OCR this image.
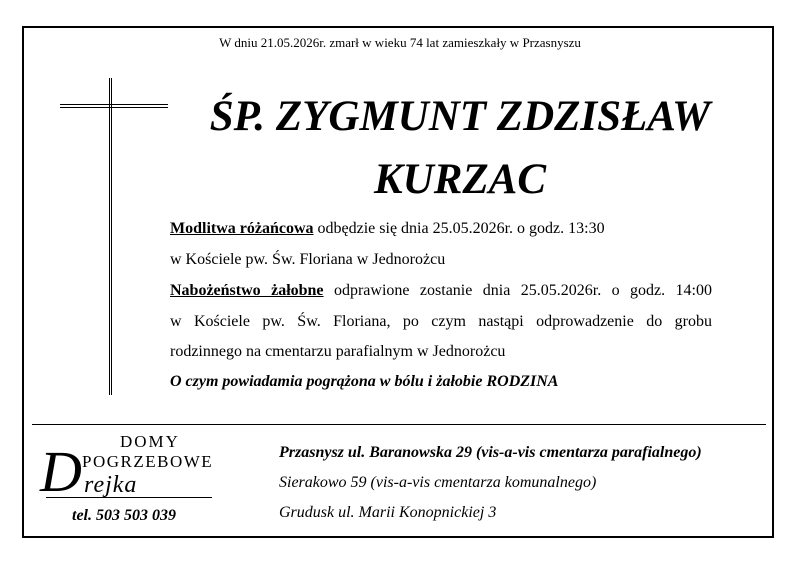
W dniu 21.05.2026r. zmarł w wieku 74 lat zamieszkały w Przasnyszu
ŚP. ZYGMUNT ZDZISŁAW
KURZAC
Modlitwa różańcowa odbędzie się dnia 25.05.2026r. o godz. 13:30
w Kościele pw. Św. Floriana w Jednorożcu
Nabożeństwo żałobne odprawione zostanie dnia 25.05.2026r. o godz. 14:00
w Kościele pw. Św. Floriana, po czym nastąpi odprowadzenie do grobu
rodzinnego na cmentarzu parafialnym w Jednorożcu
O czym powiadamia pogrążona w bólu i żałobie RODZINA
DOMY
POGRZEBOWE
D rejka
tel. 503 503 039
Przasnysz ul. Baranowska 29 (vis-a-vis cmentarza parafialnego)
Sierakowo 59 (vis-a-vis cmentarza komunalnego)
Grudusk ul. Marii Konopnickiej 3
